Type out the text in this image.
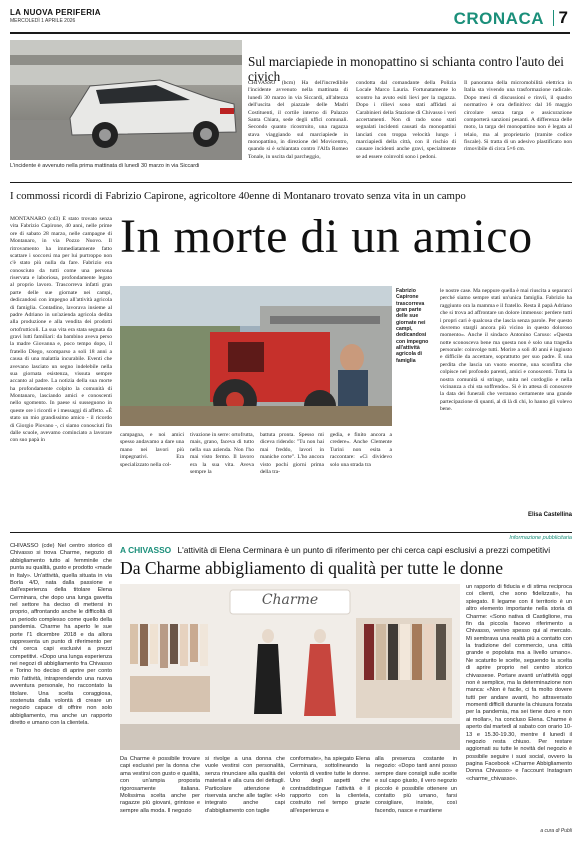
LA NUOVA PERIFERIA
MERCOLEDÌ 1 APRILE 2026	CRONACA 7
L'incidente è avvenuto nella prima mattinata di lunedì 30 marzo in via Siccardi
Sul marciapiede in monopattino si schianta contro l'auto dei civich
CHIVASSO (bcm) Ha dell'incredibile l'incidente avvenuto nella mattinata di lunedì 30 marzo in via Siccardi, all'altezza dell'uscita del piazzale delle Madri Costituenti, il cortile interno di Palazzo Santa Chiara, sede degli uffici comunali. Secondo quanto ricostruito, una ragazza stava viaggiando sul marciapiede in monopattino, in direzione del Movicentro, quando si è schiantata contro l'Alfa Romeo Tonale, in uscita dal parcheggio,
condotta dal comandante della Polizia Locale Marco Lauria. Fortunatamente lo scontro ha avuto esiti lievi per la ragazza. Dopo i rilievi sono stati affidati ai Carabinieri della Stazione di Chivasso i veri accertamenti. Non di rado sono stati segnalati incidenti causati da monopattini lanciati con troppa velocità lungo i marciapiedi della città, con il rischio di causare incidenti anche gravi, specialmente se ad essere coinvolti sono i pedoni.
Il panorama della micromobilità elettrica in Italia sta vivendo una trasformazione radicale. Dopo mesi di discussioni e rinvii, il quadro normativo è ora definitivo: dal 16 maggio circolare senza targa e assicurazione comporterà sanzioni pesanti. A differenza delle moto, la targa del monopattino non è legata al telaio, ma al proprietario (tramite codice fiscale). Si tratta di un adesivo plastificato non rimovibile di circa 5×6 cm.
I commossi ricordi di Fabrizio Capirone, agricoltore 40enne di Montanaro trovato senza vita in un campo
MONTANARO (cd3) È stato trovato senza vita Fabrizio Capirone, 40 anni, nelle prime ore di sabato 28 marzo, nelle campagne di Montanaro, in via Pozzo Nuovo. Il ritrovamento ha immediatamente fatto scattare i soccorsi ma per lui purtroppo non c'è stato più nulla da fare. Fabrizio era conosciuto da tutti come una persona riservata e laboriosa, profondamente legato al proprio lavoro. Trascorreva infatti gran parte delle sue giornate nei campi, dedicandosi con impegno all'attività agricola di famiglia. Contadino, lavorava insieme al padre Adriano in un'azienda agricola dedita alla produzione e alla vendita dei prodotti ortofrutticoli. La sua vita era stata segnata da gravi lutti familiari: da bambino aveva perso la madre Giovanna e, poco tempo dopo, il fratello Diego, scomparso a soli 18 anni a causa di una malattia incurabile. Eventi che avevano lasciato un segno indelebile nella sua giornata esistenza, vissuta sempre accanto al padre. La notizia della sua morte ha profondamente colpito la comunità di Montanaro, lasciando amici e conoscenti nello sgomento. In paese si susseguono in queste ore i ricordi e i messaggi di affetto. «È stato un mio grandissimo amico - il ricordo di Giorgio Piovano -, ci siamo conosciuti fin dalle scuole, avevamo cominciato a lavorare con suo papà in
In morte di un amico
Fabrizio Capirone trascorreva gran parte delle sue giornate nei campi, dedicandosi con impegno all'attività agricola di famiglia
campagna, e noi amici spesso andavamo a dare una mano nei lavori più impegnativi. Era specializzato nella col-
tivazione in serre: ortofrutta, mais, grano, faceva di tutto nella sua azienda. Non l'ho mai visto fermo. Il lavoro era la sua vita. Aveva sempre la
battuta pronta. Spesso mi diceva ridendo: "Tu non hai mai freddo, lavori in maniche corte". L'ho ancora visto pochi giorni prima della tra-
gedia, e finito ancora a credere». Anche Clemente Turini non esita a raccontare: «Ci dividevo solo una strada tra
le nostre case. Ma neppure quella è mai riuscita a separarci perché siamo sempre stati un'unica famiglia. Fabrizio ha raggiunto ora la mamma e il fratello. Resta il papà Adriano che si trova ad affrontare un dolore immenso: perdere tutti i propri cari è qualcosa che lascia senza parole. Per questo dovremo stargli ancora più vicino in questo doloroso momento». Anche il sindaco Antonino Caruso: «Questa notte sconosceva bene ma questa non è solo una tragedia personale: coinvolge tutti. Morire a soli 40 anni è ingiusto e difficile da accettare, soprattutto per suo padre. È una perdita che lascia un vuoto enorme, una sconfitta che colpisce nel profondo parenti, amici e conoscenti. Tutta la nostra comunità si stringe, unita nel cordoglio e nella vicinanza a chi sta soffrendo». Si è in attesa di conoscere la data dei funerali che verranno certamente una grande partecipazione di quanti, al di là di chi, lo hanno gli volevo bene.
Elisa Castellina
Informazione pubblicitaria
CHIVASSO (cde) Nel centro storico di Chivasso si trova Charme, negozio di abbigliamento tutto al femminile che punta su qualità, gusto e prodotto «made in Italy». Un'attività, quella situata in via Borla 4/D, nata dalla passione e dall'esperienza della titolare Elena Cerminara, che dopo una lunga gavetta nel settore ha deciso di mettersi in proprio, affrontando anche le difficoltà di un periodo complesso come quello della pandemia. Charme ha aperto le sue porte l'1 dicembre 2018 e da allora rappresenta un punto di riferimento per chi cerca capi esclusivi a prezzi competitivi. «Dopo una lunga esperienza nei negozi di abbigliamento fra Chivasso e Torino ho deciso di aprire per conto mio l'attività, intraprendendo una nuova avventura personale, ho raccontato la titolare. Una scelta coraggiosa, sostenuta dalla volontà di creare un negozio capace di offrire non solo abbigliamento, ma anche un rapporto diretto e umano con la clientela.
A CHIVASSO L'attività di Elena Cerminara è un punto di riferimento per chi cerca capi esclusivi a prezzi competitivi
Da Charme abbigliamento di qualità per tutte le donne
Charme
Da Charme è possibile trovare capi esclusivi per la donna che ama vestirsi con gusto e qualità, con un'ampia proposta rigorosamente italiana. Molissima scelta anche per ragazze più giovani, grintose e sempre alla moda. Il negozio
si rivolge a una donna che vuole vestirsi con personalità, senza rinunciare alla qualità dei materiali e alla cura dei dettagli. Particolare attenzione è riservata anche alle taglie: «Ho integrato anche capi d'abbigliamento con taglie
conformate», ha spiegato Elena Cerminara, sottolineando la volontà di vestire tutte le donne. Uno degli aspetti che contraddistingue l'attività è il rapporto con la clientela, costruito nel tempo grazie all'esperienza e
alla presenza costante in negozio: «Dopo tanti anni posso sempre dare consigli sulle scelte e sul capo giusto, il vero negozio piccolo è possibile ottenere un contatto più umano, farsi consigliare, insiste, così facendo, nasce e mantiene
un rapporto di fiducia e di stima reciproca coi clienti, che sono fidelizzati», ha spiegato. Il legame con il territorio è un altro elemento importante nella storia di Charme: «Sono nativa di Castiglione, ma fin da piccola facevo riferimento a Chivasso, venivo spesso qui al mercato. Mi sembrava una realtà più a contatto con la tradizione del commercio, una città grande e popolata ma a livello umano». Ne scaturito le scelte, seguendo la scelta di aprire proprio nel centro storico chivassese. Portare avanti un'attività oggi non è semplice, ma la determinazione non manca: «Non è facile, ci fa molto dovere tutti per andare avanti, ho attraversato momenti difficili durante la chiusura forzata per la pandemia, ma sei tiene duro e non ai mollar», ha concluso Elena. Charme è aperto dal martedì al sabato con orario 10-13 e 15.30-19.30, mentre il lunedì il negozio resta chiuso. Per restare aggiornati su tutte le novità del negozio è possibile seguire i suoi social, ovvero la pagina Facebook «Charme Abbigliamento Donna Chivasso» e l'account Instagram «charme_chivasso».
a cura di Publi
